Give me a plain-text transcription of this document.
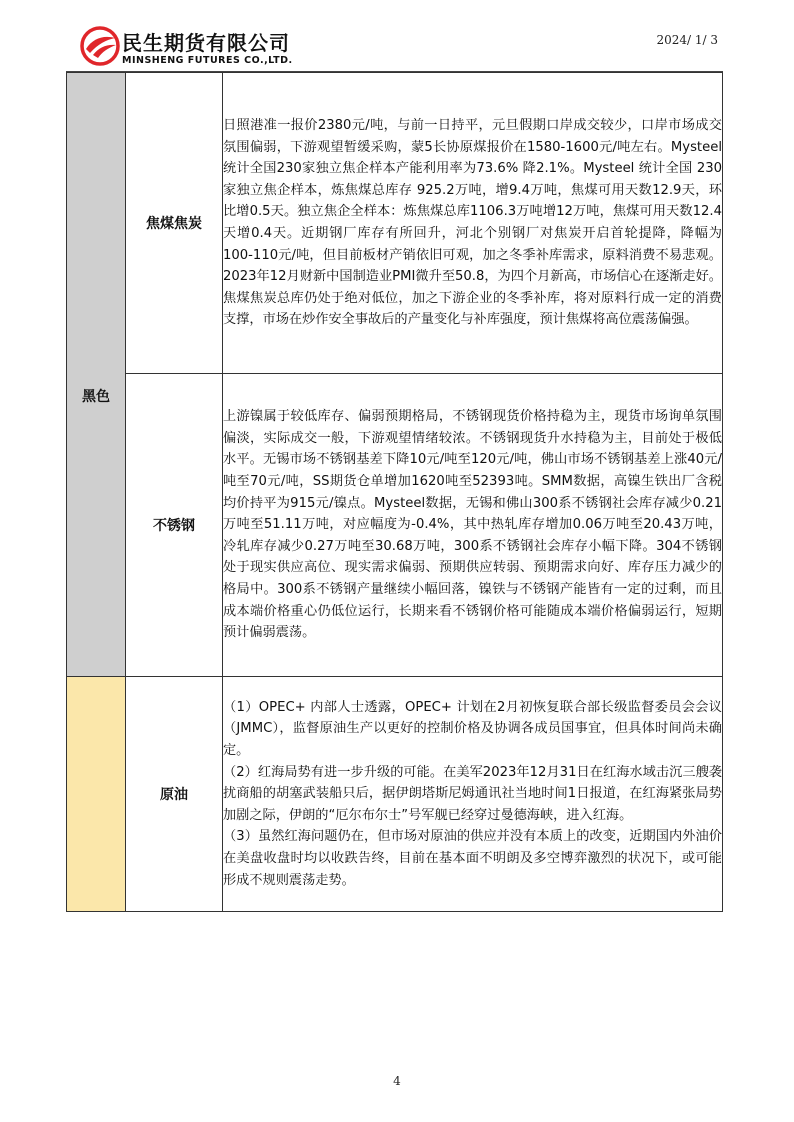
民生期货有限公司
MINSHENG FUTURES CO.,LTD.
2024/ 1/ 3
黑色	焦煤焦炭	日照港准一报价2380元/吨，与前一日持平，元旦假期口岸成交较少，口岸市场成交氛围偏弱，下游观望暂缓采购，蒙5长协原煤报价在1580-1600元/吨左右。Mysteel 统计全国230家独立焦企样本产能利用率为73.6% 降2.1%。Mysteel 统计全国 230 家独立焦企样本，炼焦煤总库存 925.2万吨，增9.4万吨，焦煤可用天数12.9天，环比增0.5天。独立焦企全样本：炼焦煤总库1106.3万吨增12万吨，焦煤可用天数12.4天增0.4天。近期钢厂库存有所回升，河北个别钢厂对焦炭开启首轮提降，降幅为100-110元/吨，但目前板材产销依旧可观，加之冬季补库需求，原料消费不易悲观。2023年12月财新中国制造业PMI微升至50.8，为四个月新高，市场信心在逐渐走好。焦煤焦炭总库仍处于绝对低位，加之下游企业的冬季补库，将对原料行成一定的消费支撑，市场在炒作安全事故后的产量变化与补库强度，预计焦煤将高位震荡偏强。

	不锈钢	上游镍属于较低库存、偏弱预期格局，不锈钢现货价格持稳为主，现货市场询单氛围偏淡，实际成交一般，下游观望情绪较浓。不锈钢现货升水持稳为主，目前处于极低水平。无锡市场不锈钢基差下降10元/吨至120元/吨，佛山市场不锈钢基差上涨40元/吨至70元/吨，SS期货仓单增加1620吨至52393吨。SMM数据，高镍生铁出厂含税均价持平为915元/镍点。Mysteel数据，无锡和佛山300系不锈钢社会库存减少0.21万吨至51.11万吨，对应幅度为-0.4%，其中热轧库存增加0.06万吨至20.43万吨，冷轧库存减少0.27万吨至30.68万吨，300系不锈钢社会库存小幅下降。304不锈钢处于现实供应高位、现实需求偏弱、预期供应转弱、预期需求向好、库存压力减少的格局中。300系不锈钢产量继续小幅回落，镍铁与不锈钢产能皆有一定的过剩，而且成本端价格重心仍低位运行，长期来看不锈钢价格可能随成本端价格偏弱运行，短期预计偏弱震荡。

	原油	（1）OPEC+ 内部人士透露，OPEC+ 计划在2月初恢复联合部长级监督委员会会议（JMMC），监督原油生产以更好的控制价格及协调各成员国事宜，但具体时间尚未确定。

（2）红海局势有进一步升级的可能。在美军2023年12月31日在红海水域击沉三艘袭扰商船的胡塞武装船只后，据伊朗塔斯尼姆通讯社当地时间1日报道，在红海紧张局势加剧之际，伊朗的“厄尔布尔士”号军舰已经穿过曼德海峡，进入红海。

（3）虽然红海问题仍在，但市场对原油的供应并没有本质上的改变，近期国内外油价在美盘收盘时均以收跌告终，目前在基本面不明朗及多空博弈激烈的状况下，或可能形成不规则震荡走势。

4
